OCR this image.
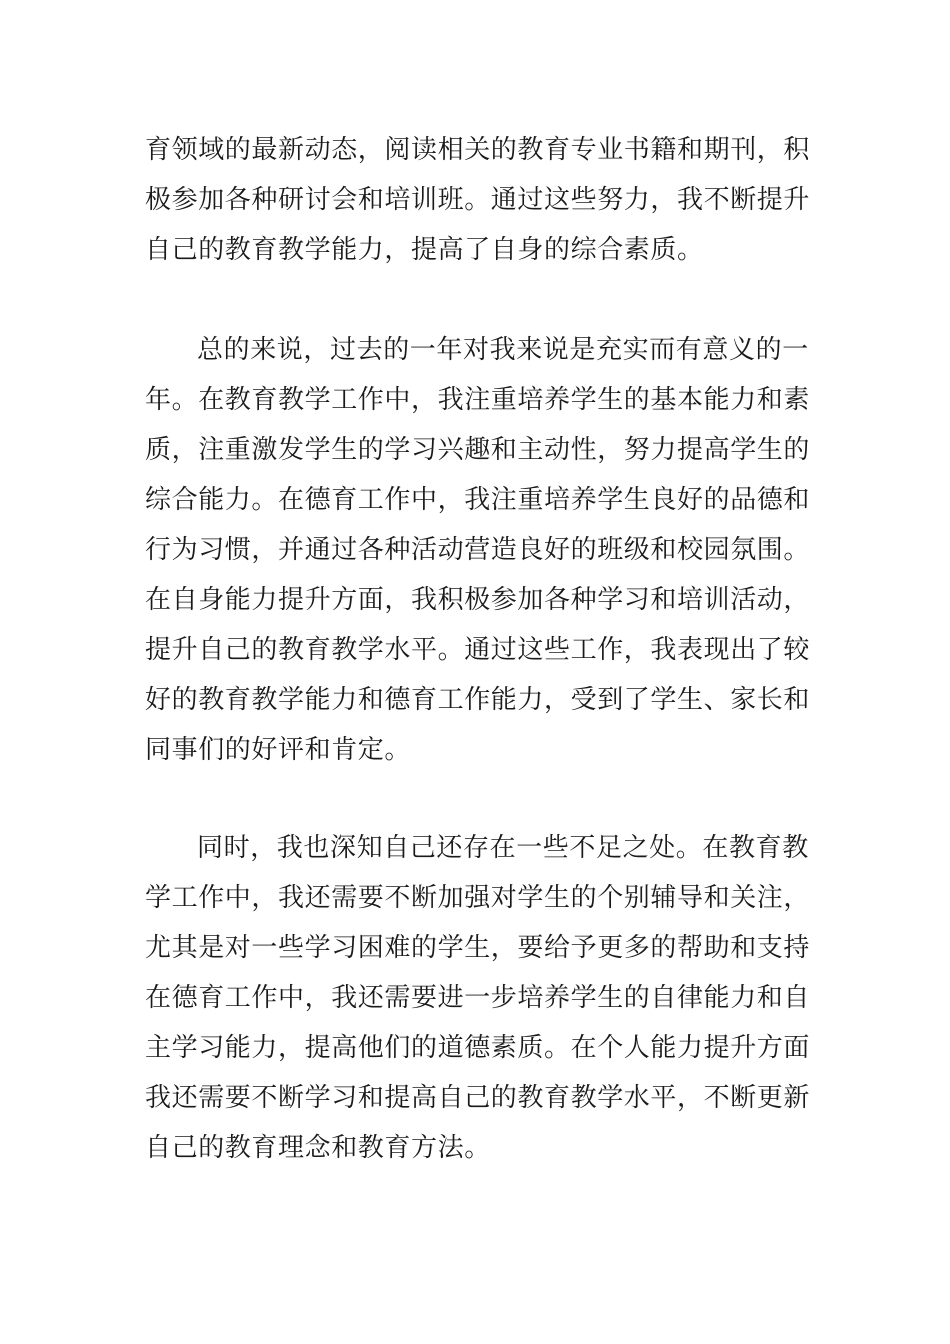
育领域的最新动态，阅读相关的教育专业书籍和期刊，积
极参加各种研讨会和培训班。通过这些努力，我不断提升
自己的教育教学能力，提高了自身的综合素质。

总的来说，过去的一年对我来说是充实而有意义的一
年。在教育教学工作中，我注重培养学生的基本能力和素
质，注重激发学生的学习兴趣和主动性，努力提高学生的
综合能力。在德育工作中，我注重培养学生良好的品德和
行为习惯，并通过各种活动营造良好的班级和校园氛围。
在自身能力提升方面，我积极参加各种学习和培训活动，
提升自己的教育教学水平。通过这些工作，我表现出了较
好的教育教学能力和德育工作能力，受到了学生、家长和
同事们的好评和肯定。

同时，我也深知自己还存在一些不足之处。在教育教
学工作中，我还需要不断加强对学生的个别辅导和关注，
尤其是对一些学习困难的学生，要给予更多的帮助和支持
在德育工作中，我还需要进一步培养学生的自律能力和自
主学习能力，提高他们的道德素质。在个人能力提升方面
我还需要不断学习和提高自己的教育教学水平，不断更新
自己的教育理念和教育方法。
